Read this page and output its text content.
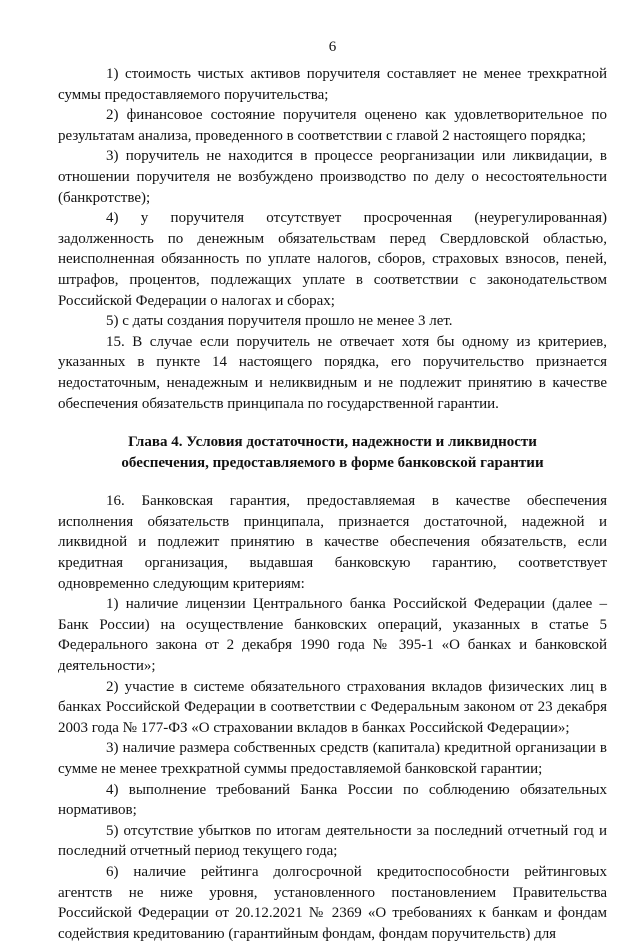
6

1) стоимость чистых активов поручителя составляет не менее трехкратной суммы предоставляемого поручительства;

2) финансовое состояние поручителя оценено как удовлетворительное по результатам анализа, проведенного в соответствии с главой 2 настоящего порядка;

3) поручитель не находится в процессе реорганизации или ликвидации, в отношении поручителя не возбуждено производство по делу о несостоятельности (банкротстве);

4) у поручителя отсутствует просроченная (неурегулированная) задолженность по денежным обязательствам перед Свердловской областью, неисполненная обязанность по уплате налогов, сборов, страховых взносов, пеней, штрафов, процентов, подлежащих уплате в соответствии с законодательством Российской Федерации о налогах и сборах;

5) с даты создания поручителя прошло не менее 3 лет.

15. В случае если поручитель не отвечает хотя бы одному из критериев, указанных в пункте 14 настоящего порядка, его поручительство признается недостаточным, ненадежным и неликвидным и не подлежит принятию в качестве обеспечения обязательств принципала по государственной гарантии.

Глава 4. Условия достаточности, надежности и ликвидности
обеспечения, предоставляемого в форме банковской гарантии

16. Банковская гарантия, предоставляемая в качестве обеспечения исполнения обязательств принципала, признается достаточной, надежной и ликвидной и подлежит принятию в качестве обеспечения обязательств, если кредитная организация, выдавшая банковскую гарантию, соответствует одновременно следующим критериям:

1) наличие лицензии Центрального банка Российской Федерации (далее – Банк России) на осуществление банковских операций, указанных в статье 5 Федерального закона от 2 декабря 1990 года № 395-1 «О банках и банковской деятельности»;

2) участие в системе обязательного страхования вкладов физических лиц в банках Российской Федерации в соответствии с Федеральным законом от 23 декабря 2003 года № 177-ФЗ «О страховании вкладов в банках Российской Федерации»;

3) наличие размера собственных средств (капитала) кредитной организации в сумме не менее трехкратной суммы предоставляемой банковской гарантии;

4) выполнение требований Банка России по соблюдению обязательных нормативов;

5) отсутствие убытков по итогам деятельности за последний отчетный год и последний отчетный период текущего года;

6) наличие рейтинга долгосрочной кредитоспособности рейтинговых агентств не ниже уровня, установленного постановлением Правительства Российской Федерации от 20.12.2021 № 2369 «О требованиях к банкам и фондам содействия кредитованию (гарантийным фондам, фондам поручительств) для
